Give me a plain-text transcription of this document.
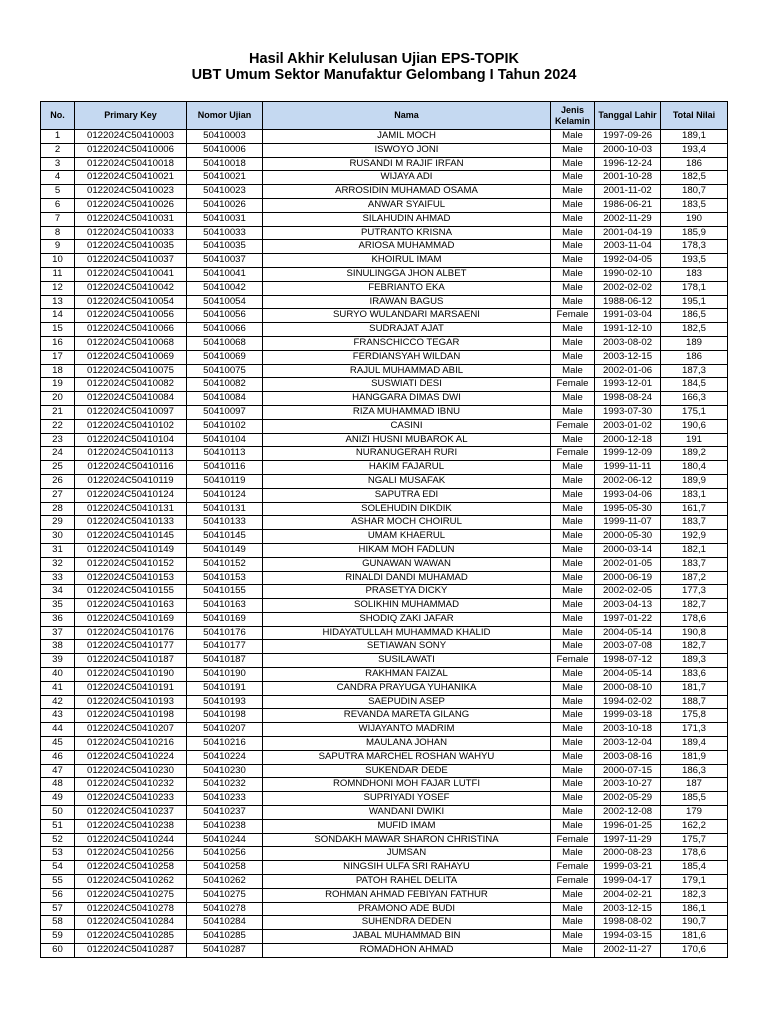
Hasil Akhir Kelulusan Ujian EPS-TOPIK
UBT Umum Sektor Manufaktur Gelombang I Tahun 2024
No.	Primary Key	Nomor Ujian	Nama	Jenis Kelamin	Tanggal Lahir	Total Nilai
1	0122024C50410003	50410003	JAMIL MOCH	Male	1997-09-26	189,1
2	0122024C50410006	50410006	ISWOYO JONI	Male	2000-10-03	193,4
3	0122024C50410018	50410018	RUSANDI M RAJIF IRFAN	Male	1996-12-24	186
4	0122024C50410021	50410021	WIJAYA ADI	Male	2001-10-28	182,5
5	0122024C50410023	50410023	ARROSIDIN MUHAMAD OSAMA	Male	2001-11-02	180,7
6	0122024C50410026	50410026	ANWAR SYAIFUL	Male	1986-06-21	183,5
7	0122024C50410031	50410031	SILAHUDIN AHMAD	Male	2002-11-29	190
8	0122024C50410033	50410033	PUTRANTO KRISNA	Male	2001-04-19	185,9
9	0122024C50410035	50410035	ARIOSA MUHAMMAD	Male	2003-11-04	178,3
10	0122024C50410037	50410037	KHOIRUL IMAM	Male	1992-04-05	193,5
11	0122024C50410041	50410041	SINULINGGA JHON ALBET	Male	1990-02-10	183
12	0122024C50410042	50410042	FEBRIANTO EKA	Male	2002-02-02	178,1
13	0122024C50410054	50410054	IRAWAN BAGUS	Male	1988-06-12	195,1
14	0122024C50410056	50410056	SURYO WULANDARI MARSAENI	Female	1991-03-04	186,5
15	0122024C50410066	50410066	SUDRAJAT AJAT	Male	1991-12-10	182,5
16	0122024C50410068	50410068	FRANSCHICCO TEGAR	Male	2003-08-02	189
17	0122024C50410069	50410069	FERDIANSYAH WILDAN	Male	2003-12-15	186
18	0122024C50410075	50410075	RAJUL MUHAMMAD ABIL	Male	2002-01-06	187,3
19	0122024C50410082	50410082	SUSWIATI DESI	Female	1993-12-01	184,5
20	0122024C50410084	50410084	HANGGARA DIMAS DWI	Male	1998-08-24	166,3
21	0122024C50410097	50410097	RIZA MUHAMMAD IBNU	Male	1993-07-30	175,1
22	0122024C50410102	50410102	CASINI	Female	2003-01-02	190,6
23	0122024C50410104	50410104	ANIZI HUSNI MUBAROK AL	Male	2000-12-18	191
24	0122024C50410113	50410113	NURANUGERAH RURI	Female	1999-12-09	189,2
25	0122024C50410116	50410116	HAKIM FAJARUL	Male	1999-11-11	180,4
26	0122024C50410119	50410119	NGALI MUSAFAK	Male	2002-06-12	189,9
27	0122024C50410124	50410124	SAPUTRA EDI	Male	1993-04-06	183,1
28	0122024C50410131	50410131	SOLEHUDIN DIKDIK	Male	1995-05-30	161,7
29	0122024C50410133	50410133	ASHAR MOCH CHOIRUL	Male	1999-11-07	183,7
30	0122024C50410145	50410145	UMAM KHAERUL	Male	2000-05-30	192,9
31	0122024C50410149	50410149	HIKAM MOH FADLUN	Male	2000-03-14	182,1
32	0122024C50410152	50410152	GUNAWAN WAWAN	Male	2002-01-05	183,7
33	0122024C50410153	50410153	RINALDI DANDI MUHAMAD	Male	2000-06-19	187,2
34	0122024C50410155	50410155	PRASETYA DICKY	Male	2002-02-05	177,3
35	0122024C50410163	50410163	SOLIKHIN MUHAMMAD	Male	2003-04-13	182,7
36	0122024C50410169	50410169	SHODIQ ZAKI JAFAR	Male	1997-01-22	178,6
37	0122024C50410176	50410176	HIDAYATULLAH MUHAMMAD KHALID	Male	2004-05-14	190,8
38	0122024C50410177	50410177	SETIAWAN SONY	Male	2003-07-08	182,7
39	0122024C50410187	50410187	SUSILAWATI	Female	1998-07-12	189,3
40	0122024C50410190	50410190	RAKHMAN FAIZAL	Male	2004-05-14	183,6
41	0122024C50410191	50410191	CANDRA PRAYUGA YUHANIKA	Male	2000-08-10	181,7
42	0122024C50410193	50410193	SAEPUDIN ASEP	Male	1994-02-02	188,7
43	0122024C50410198	50410198	REVANDA MARETA GILANG	Male	1999-03-18	175,8
44	0122024C50410207	50410207	WIJAYANTO MADRIM	Male	2003-10-18	171,3
45	0122024C50410216	50410216	MAULANA JOHAN	Male	2003-12-04	189,4
46	0122024C50410224	50410224	SAPUTRA MARCHEL ROSHAN WAHYU	Male	2003-08-16	181,9
47	0122024C50410230	50410230	SUKENDAR DEDE	Male	2000-07-15	186,3
48	0122024C50410232	50410232	ROMNDHONI MOH FAJAR LUTFI	Male	2003-10-27	187
49	0122024C50410233	50410233	SUPRIYADI YOSEF	Male	2002-05-29	185,5
50	0122024C50410237	50410237	WANDANI DWIKI	Male	2002-12-08	179
51	0122024C50410238	50410238	MUFID IMAM	Male	1996-01-25	162,2
52	0122024C50410244	50410244	SONDAKH MAWAR SHARON CHRISTINA	Female	1997-11-29	175,7
53	0122024C50410256	50410256	JUMSAN	Male	2000-08-23	178,6
54	0122024C50410258	50410258	NINGSIH ULFA SRI RAHAYU	Female	1999-03-21	185,4
55	0122024C50410262	50410262	PATOH RAHEL DELITA	Female	1999-04-17	179,1
56	0122024C50410275	50410275	ROHMAN AHMAD FEBIYAN FATHUR	Male	2004-02-21	182,3
57	0122024C50410278	50410278	PRAMONO ADE BUDI	Male	2003-12-15	186,1
58	0122024C50410284	50410284	SUHENDRA DEDEN	Male	1998-08-02	190,7
59	0122024C50410285	50410285	JABAL MUHAMMAD BIN	Male	1994-03-15	181,6
60	0122024C50410287	50410287	ROMADHON AHMAD	Male	2002-11-27	170,6
